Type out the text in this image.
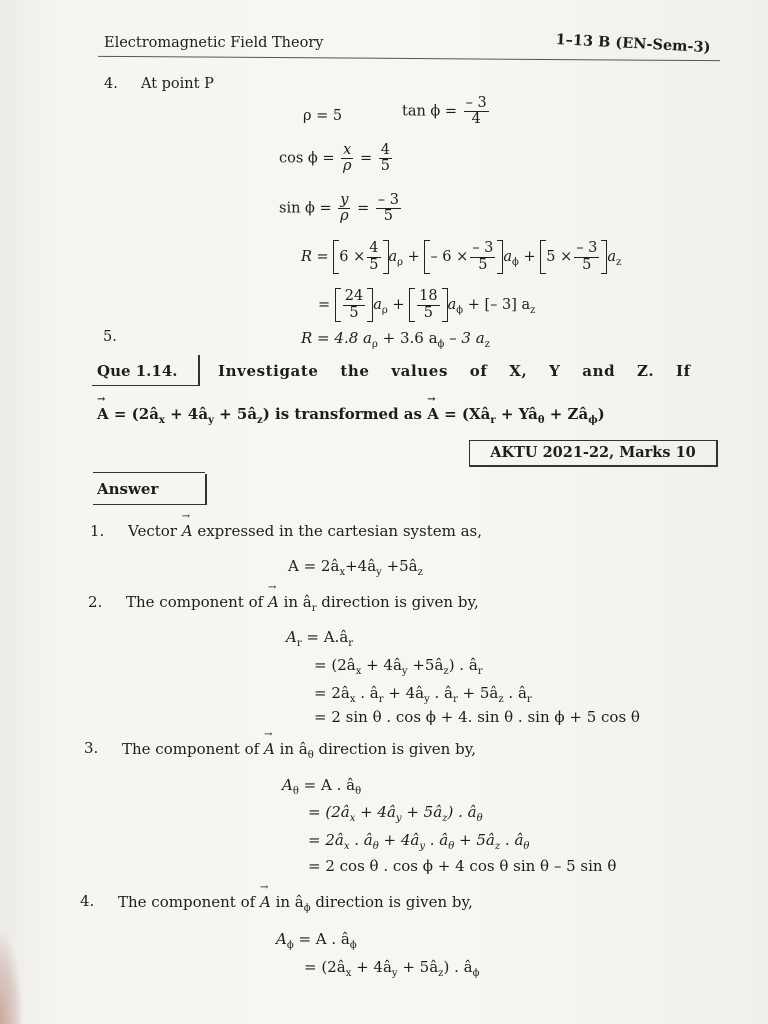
Electromagnetic Field Theory	1–13 B (EN-Sem-3)
4. At point P
ρ = 5	$\tan \phi = \frac{- 3}{4}$
$\cos \phi = \frac{x}{\rho} = \frac{4}{5}$
$\sin \phi = \frac{y}{\rho} = \frac{- 3}{5}$
$R = 6 \times \frac{4}{5} a_\rho$ + – $6 \times \frac{- 3}{5} a_\phi + 5 \times \frac{- 3}{5} a_z$
= $\frac{24}{5} a_\rho + \frac{18}{5} a_\phi$ + [– 3] $a_z$
5.	R = 4.8 $a_\rho + 3.6$ $a_\phi - 3$ $a_z$
Que 1.14.	Investigate the values of X, Y and Z. If
→ $A = (2â_x$ + $4â_y$ + $5â_z$) is transformed as → $A = (Xâ_r$ + $Yâ_\theta$ + $Zâ_\phi$)
AKTU 2021-22, Marks 10
Answer
1. Vector → A expressed in the cartesian system as,
$A = 2â_x+4â_y$ $+5â_z$
2. The component of → A in $â_r$ direction is given by,
$A_r$ = $A.â_r$
= ($2â_x$ + $4â_y$ $+5â_z$) . $â_r$
= $2â_x$ . $â_r$ + $4â_y$ . $â_r$ + $5â_z$ . $â_r$
= 2 sin θ . cos ϕ + 4. sin θ . sin ϕ + 5 cos θ
3. The component of → A in $â_\theta$ direction is given by,
$A_\theta = A$ . $â_\theta$
= ($2â_x$ + $4â_y$ + $5â_z$) . $â_\theta$
= $2â_x$ . $â_\theta$ + $4â_y$ . $â_\theta$ + $5â_z$ . $â_\theta$
= 2 cos θ . cos ϕ + 4 cos θ sin θ – 5 sin θ
4. The component of → A in $â_\phi$ direction is given by,
$A_\phi = A$ . $â_\phi$
= ($2â_x$ + $4â_y$ + $5â_z$) . $â_\phi$
